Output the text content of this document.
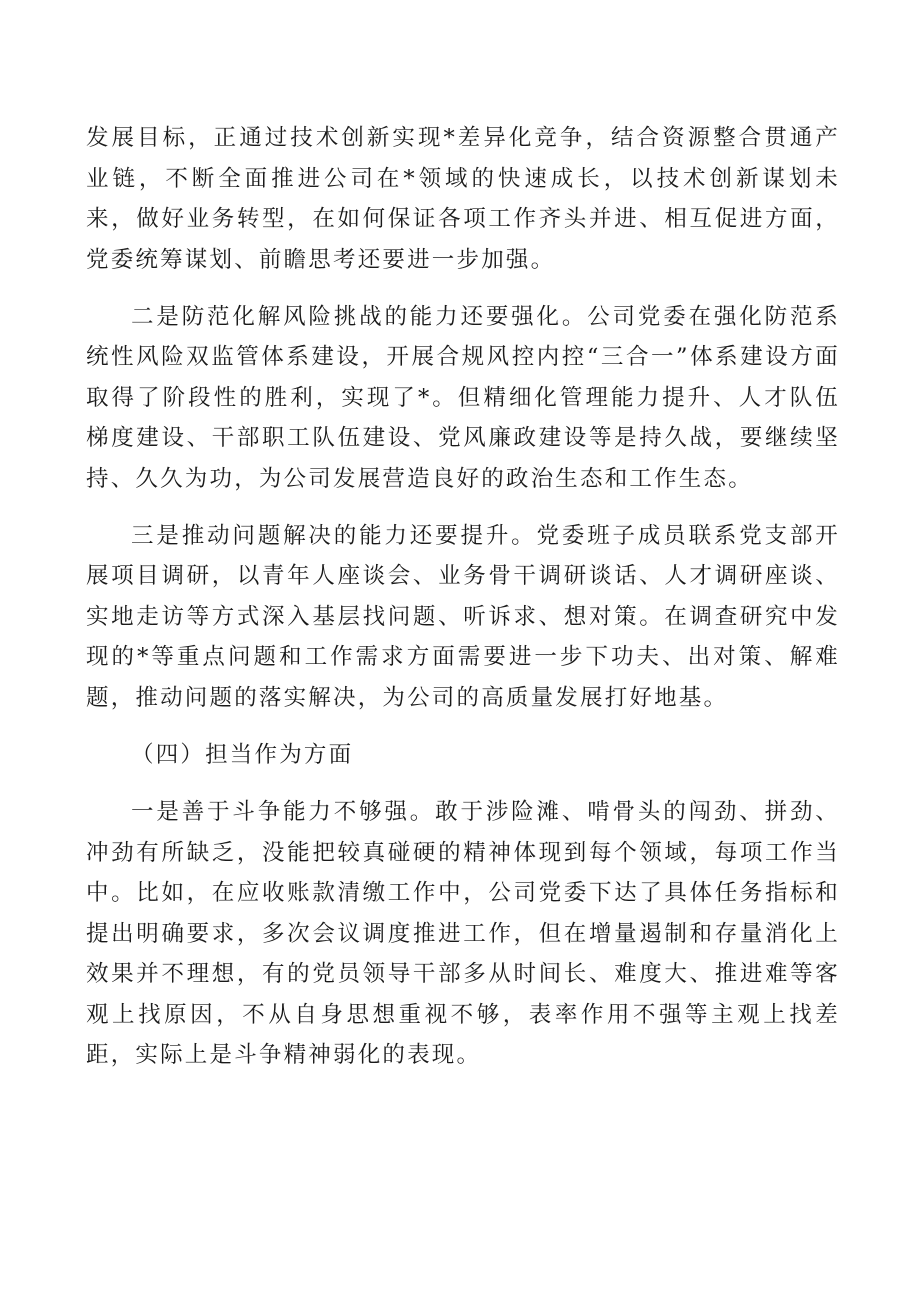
发展目标，正通过技术创新实现*差异化竞争，结合资源整合贯通产业链，不断全面推进公司在*领域的快速成长，以技术创新谋划未来，做好业务转型，在如何保证各项工作齐头并进、相互促进方面，党委统筹谋划、前瞻思考还要进一步加强。

二是防范化解风险挑战的能力还要强化。公司党委在强化防范系统性风险双监管体系建设，开展合规风控内控“三合一”体系建设方面取得了阶段性的胜利，实现了*。但精细化管理能力提升、人才队伍梯度建设、干部职工队伍建设、党风廉政建设等是持久战，要继续坚持、久久为功，为公司发展营造良好的政治生态和工作生态。

三是推动问题解决的能力还要提升。党委班子成员联系党支部开展项目调研，以青年人座谈会、业务骨干调研谈话、人才调研座谈、实地走访等方式深入基层找问题、听诉求、想对策。在调查研究中发现的*等重点问题和工作需求方面需要进一步下功夫、出对策、解难题，推动问题的落实解决，为公司的高质量发展打好地基。

（四）担当作为方面

一是善于斗争能力不够强。敢于涉险滩、啃骨头的闯劲、拼劲、冲劲有所缺乏，没能把较真碰硬的精神体现到每个领域，每项工作当中。比如，在应收账款清缴工作中，公司党委下达了具体任务指标和提出明确要求，多次会议调度推进工作，但在增量遏制和存量消化上效果并不理想，有的党员领导干部多从时间长、难度大、推进难等客观上找原因，不从自身思想重视不够，表率作用不强等主观上找差距，实际上是斗争精神弱化的表现。
